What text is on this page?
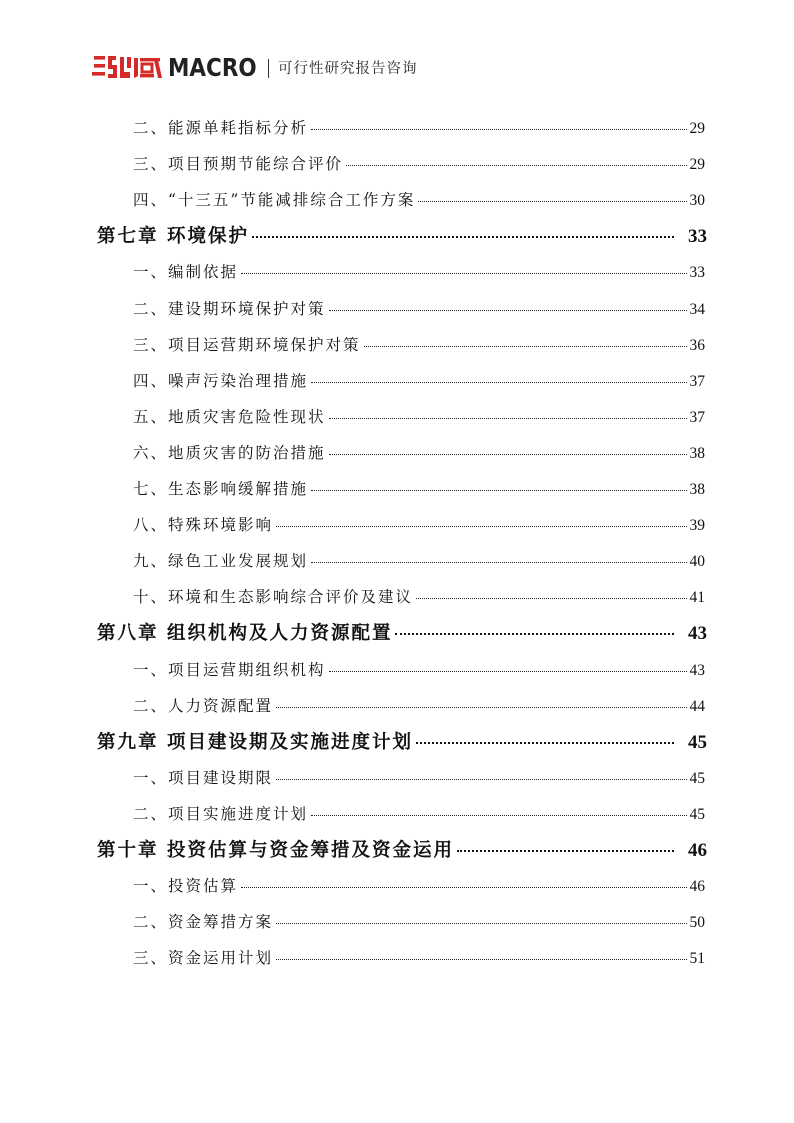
MACRO 可行性研究报告咨询
二、能源单耗指标分析	29
三、项目预期节能综合评价	29
四、“十三五”节能减排综合工作方案	30
第七章 环境保护	33
一、编制依据	33
二、建设期环境保护对策	34
三、项目运营期环境保护对策	36
四、噪声污染治理措施	37
五、地质灾害危险性现状	37
六、地质灾害的防治措施	38
七、生态影响缓解措施	38
八、特殊环境影响	39
九、绿色工业发展规划	40
十、环境和生态影响综合评价及建议	41
第八章 组织机构及人力资源配置	43
一、项目运营期组织机构	43
二、人力资源配置	44
第九章 项目建设期及实施进度计划	45
一、项目建设期限	45
二、项目实施进度计划	45
第十章 投资估算与资金筹措及资金运用	46
一、投资估算	46
二、资金筹措方案	50
三、资金运用计划	51
